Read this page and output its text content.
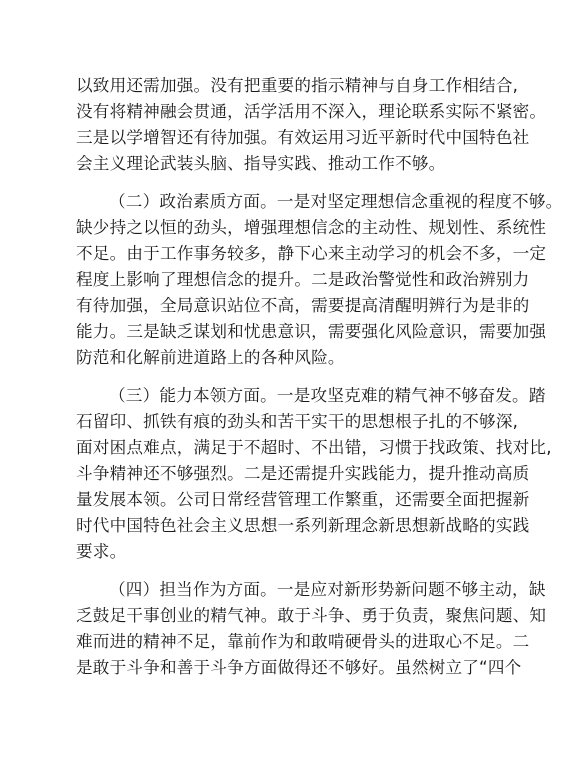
以致用还需加强。没有把重要的指示精神与自身工作相结合,
没有将精神融会贯通，活学活用不深入，理论联系实际不紧密。
三是以学增智还有待加强。有效运用习近平新时代中国特色社
会主义理论武装头脑、指导实践、推动工作不够。
（二）政治素质方面。一是对坚定理想信念重视的程度不够。
缺少持之以恒的劲头，增强理想信念的主动性、规划性、系统性
不足。由于工作事务较多，静下心来主动学习的机会不多，一定
程度上影响了理想信念的提升。二是政治警觉性和政治辨别力
有待加强，全局意识站位不高，需要提高清醒明辨行为是非的
能力。三是缺乏谋划和忧患意识，需要强化风险意识，需要加强
防范和化解前进道路上的各种风险。
（三）能力本领方面。一是攻坚克难的精气神不够奋发。踏
石留印、抓铁有痕的劲头和苦干实干的思想根子扎的不够深,
面对困点难点，满足于不超时、不出错，习惯于找政策、找对比,
斗争精神还不够强烈。二是还需提升实践能力，提升推动高质
量发展本领。公司日常经营管理工作繁重，还需要全面把握新
时代中国特色社会主义思想一系列新理念新思想新战略的实践
要求。
（四）担当作为方面。一是应对新形势新问题不够主动，缺
乏鼓足干事创业的精气神。敢于斗争、勇于负责，聚焦问题、知
难而进的精神不足，靠前作为和敢啃硬骨头的进取心不足。二
是敢于斗争和善于斗争方面做得还不够好。虽然树立了“四个
